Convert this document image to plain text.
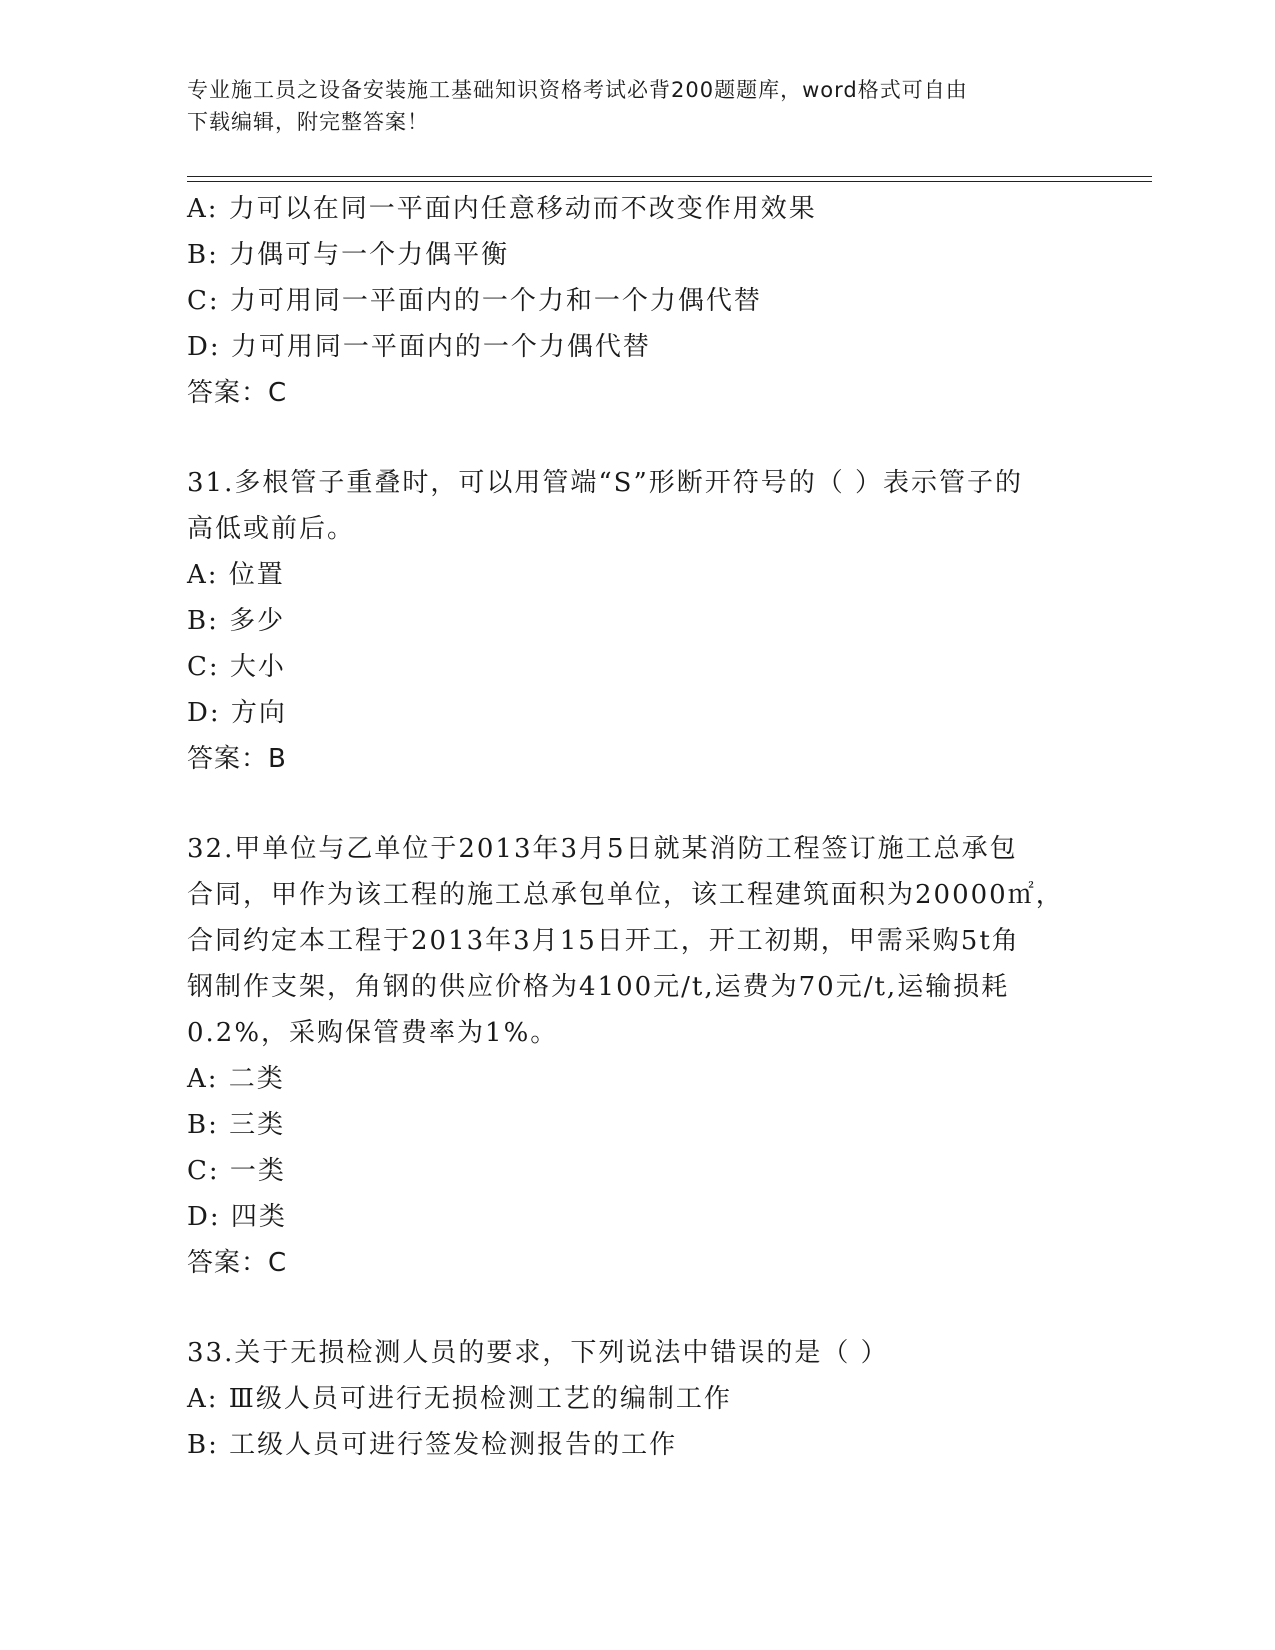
专业施工员之设备安装施工基础知识资格考试必背200题题库，word格式可自由
下载编辑，附完整答案！
A: 力可以在同一平面内任意移动而不改变作用效果
B: 力偶可与一个力偶平衡
C: 力可用同一平面内的一个力和一个力偶代替
D: 力可用同一平面内的一个力偶代替
答案：C
31.多根管子重叠时，可以用管端“S”形断开符号的（ ）表示管子的
高低或前后。
A: 位置
B: 多少
C: 大小
D: 方向
答案：B
32.甲单位与乙单位于2013年3月5日就某消防工程签订施工总承包
合同，甲作为该工程的施工总承包单位，该工程建筑面积为20000㎡，
合同约定本工程于2013年3月15日开工，开工初期，甲需采购5t角
钢制作支架，角钢的供应价格为4100元/t,运费为70元/t,运输损耗
0.2%，采购保管费率为1%。
A: 二类
B: 三类
C: 一类
D: 四类
答案：C
33.关于无损检测人员的要求，下列说法中错误的是（ ）
A: Ⅲ级人员可进行无损检测工艺的编制工作
B: 工级人员可进行签发检测报告的工作
